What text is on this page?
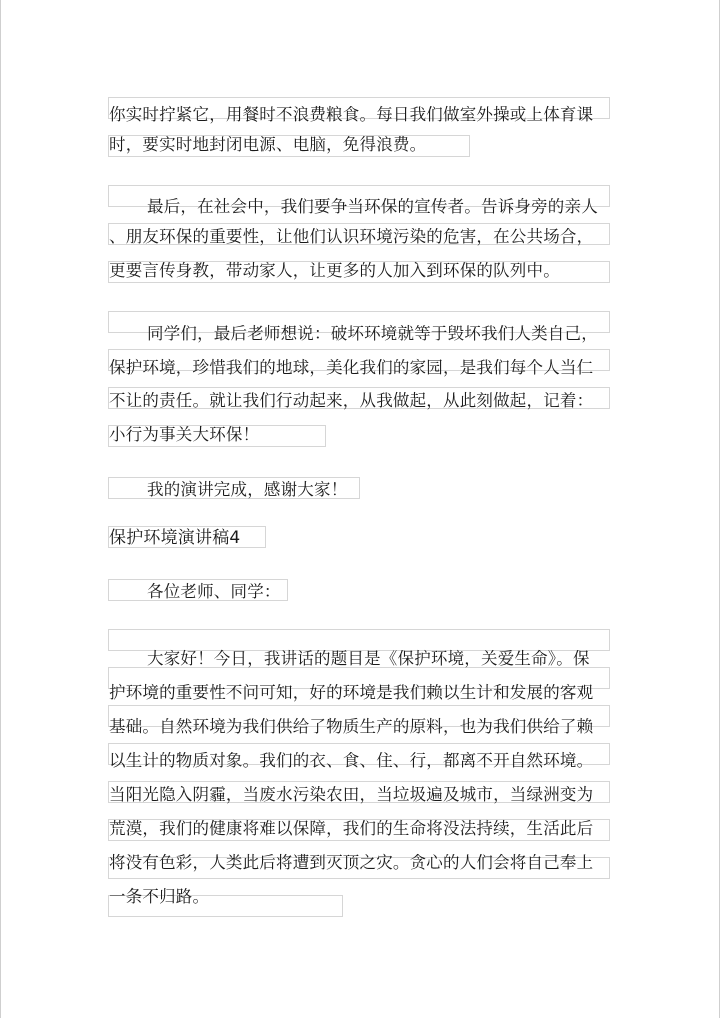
你实时拧紧它，用餐时不浪费粮食。每日我们做室外操或上体育课
时，要实时地封闭电源、电脑，免得浪费。
最后，在社会中，我们要争当环保的宣传者。告诉身旁的亲人
、朋友环保的重要性，让他们认识环境污染的危害，在公共场合，
更要言传身教，带动家人，让更多的人加入到环保的队列中。
同学们，最后老师想说：破坏环境就等于毁坏我们人类自己，
保护环境，珍惜我们的地球，美化我们的家园，是我们每个人当仁
不让的责任。就让我们行动起来，从我做起，从此刻做起，记着：
小行为事关大环保！
我的演讲完成，感谢大家！
保护环境演讲稿4
各位老师、同学：
大家好！今日，我讲话的题目是《保护环境，关爱生命》。保
护环境的重要性不问可知，好的环境是我们赖以生计和发展的客观
基础。自然环境为我们供给了物质生产的原料，也为我们供给了赖
以生计的物质对象。我们的衣、食、住、行，都离不开自然环境。
当阳光隐入阴霾，当废水污染农田，当垃圾遍及城市，当绿洲变为
荒漠，我们的健康将难以保障，我们的生命将没法持续，生活此后
将没有色彩，人类此后将遭到灭顶之灾。贪心的人们会将自己奉上
一条不归路。
